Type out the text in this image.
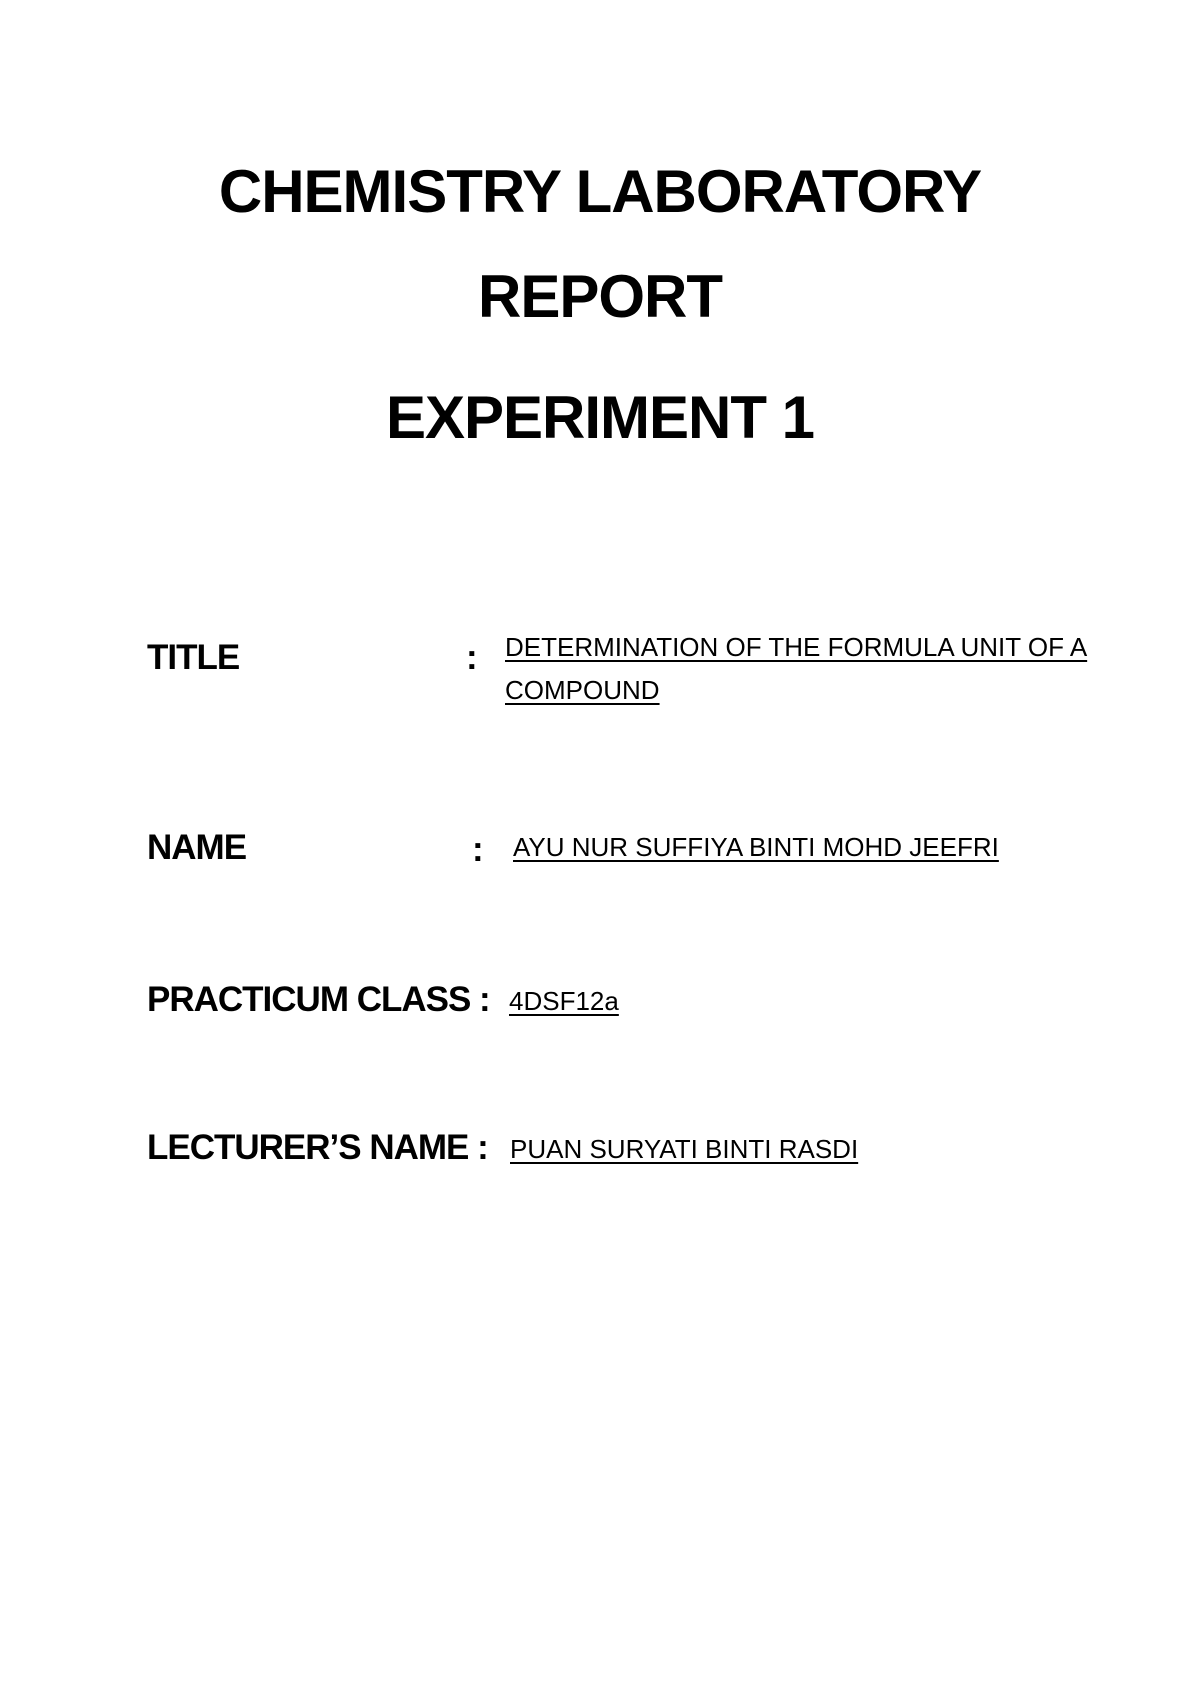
CHEMISTRY LABORATORY
REPORT
EXPERIMENT 1
TITLE	: DETERMINATION OF THE FORMULA UNIT OF A
COMPOUND
NAME	: AYU NUR SUFFIYA BINTI MOHD JEEFRI
PRACTICUM CLASS : 4DSF12a
LECTURER’S NAME : PUAN SURYATI BINTI RASDI
